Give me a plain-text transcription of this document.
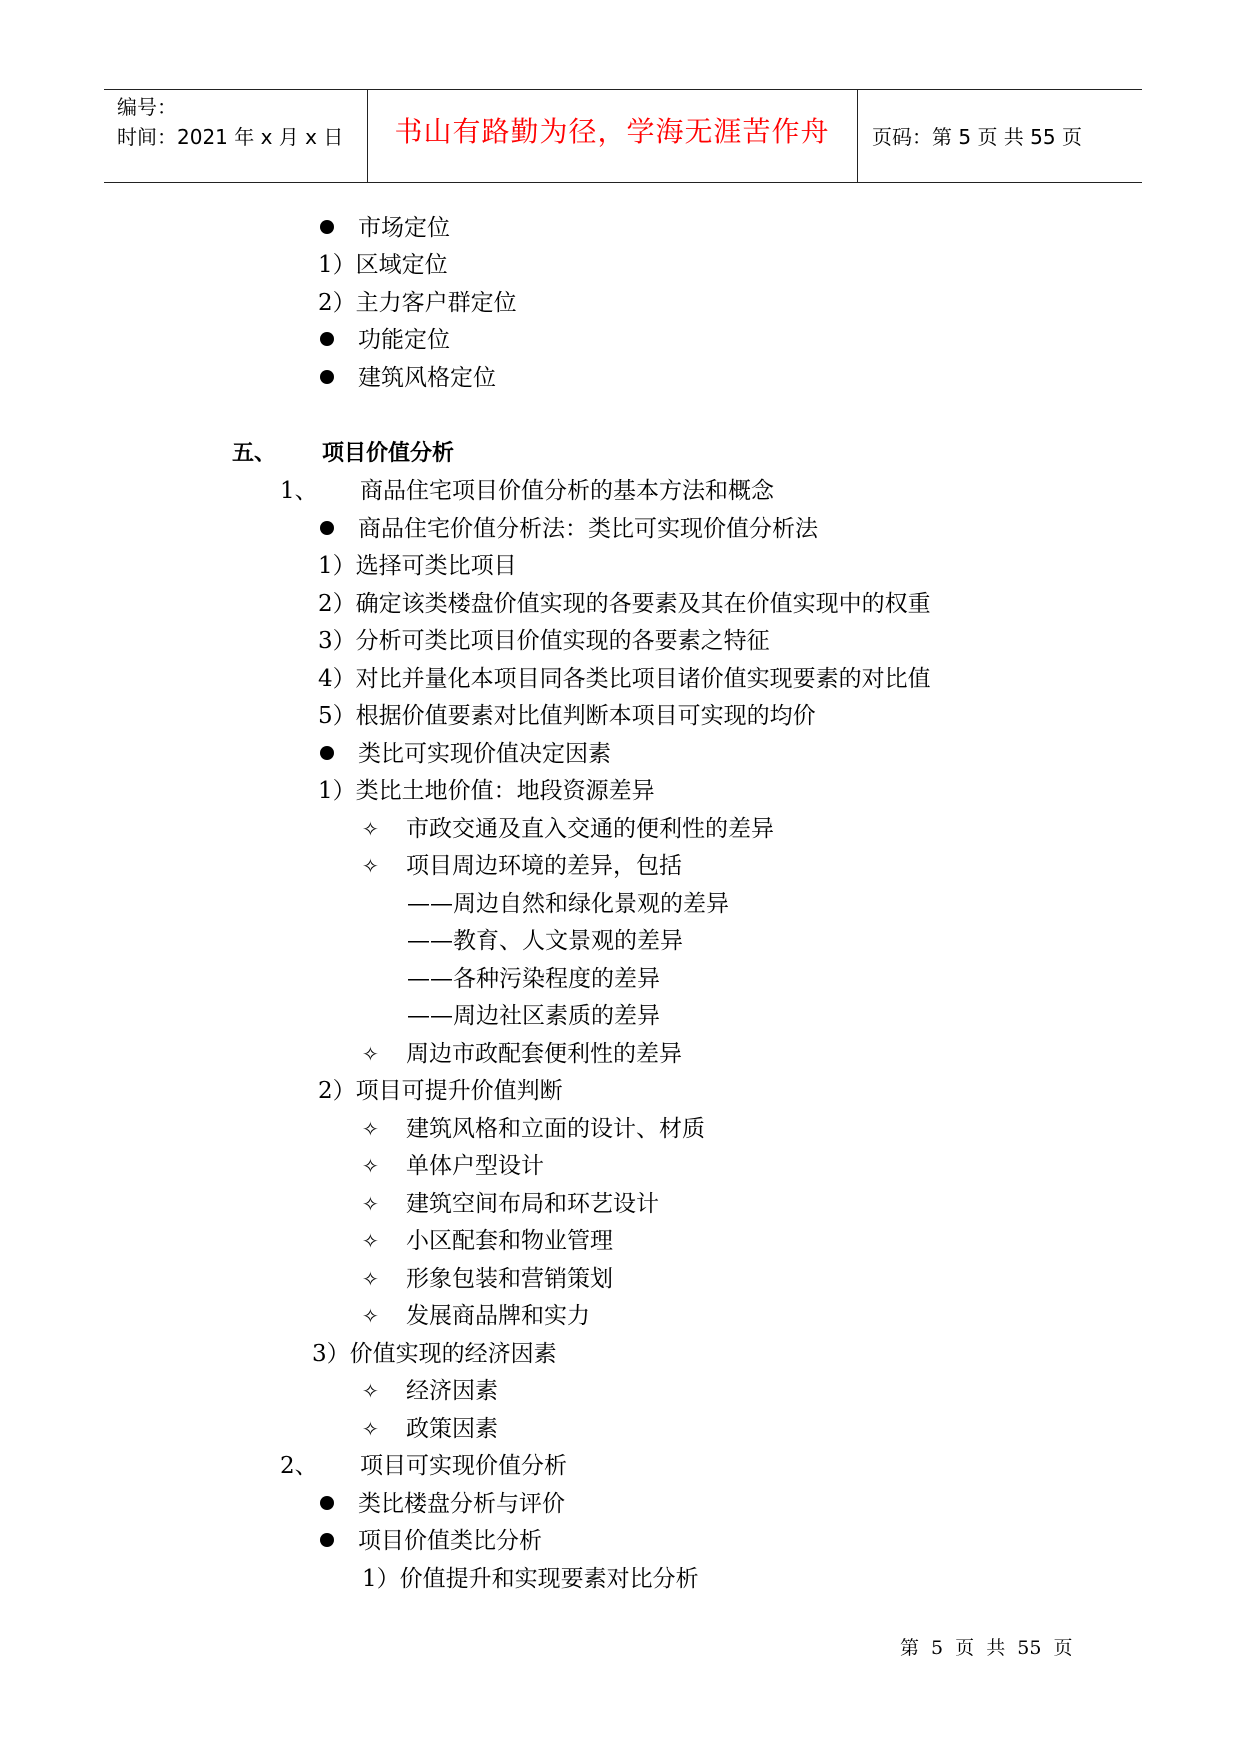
编号：
时间：2021 年 x 月 x 日	书山有路勤为径，学海无涯苦作舟	页码：第 5 页 共 55 页
市场定位
1）区域定位
2）主力客户群定位
功能定位
建筑风格定位
五、 项目价值分析
1、 商品住宅项目价值分析的基本方法和概念
商品住宅价值分析法：类比可实现价值分析法
1）选择可类比项目
2）确定该类楼盘价值实现的各要素及其在价值实现中的权重
3）分析可类比项目价值实现的各要素之特征
4）对比并量化本项目同各类比项目诸价值实现要素的对比值
5）根据价值要素对比值判断本项目可实现的均价
类比可实现价值决定因素
1）类比土地价值：地段资源差异
✧ 市政交通及直入交通的便利性的差异
✧ 项目周边环境的差异，包括
——周边自然和绿化景观的差异
——教育、人文景观的差异
——各种污染程度的差异
——周边社区素质的差异
✧ 周边市政配套便利性的差异
2）项目可提升价值判断
✧ 建筑风格和立面的设计、材质
✧ 单体户型设计
✧ 建筑空间布局和环艺设计
✧ 小区配套和物业管理
✧ 形象包装和营销策划
✧ 发展商品牌和实力
3）价值实现的经济因素
✧ 经济因素
✧ 政策因素
2、 项目可实现价值分析
类比楼盘分析与评价
项目价值类比分析
1）价值提升和实现要素对比分析
第 5 页 共 55 页
